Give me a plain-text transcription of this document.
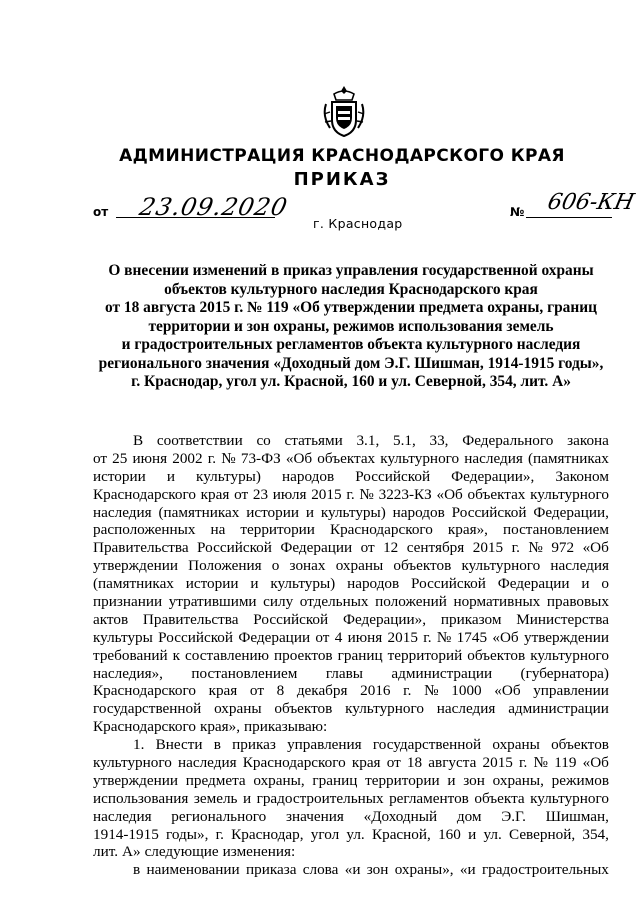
АДМИНИСТРАЦИЯ КРАСНОДАРСКОГО КРАЯ
ПРИКАЗ
от 23.09.2020
г. Краснодар
№ 606-КН
О внесении изменений в приказ управления государственной охраны
объектов культурного наследия Краснодарского края
от 18 августа 2015 г. № 119 «Об утверждении предмета охраны, границ
территории и зон охраны, режимов использования земель
и градостроительных регламентов объекта культурного наследия
регионального значения «Доходный дом Э.Г. Шишман, 1914-1915 годы»,
г. Краснодар, угол ул. Красной, 160 и ул. Северной, 354, лит. А»
В соответствии со статьями 3.1, 5.1, 33, Федерального закона
от 25 июня 2002 г. № 73-ФЗ «Об объектах культурного наследия (памятниках
истории и культуры) народов Российской Федерации», Законом
Краснодарского края от 23 июля 2015 г. № 3223-КЗ «Об объектах культурного
наследия (памятниках истории и культуры) народов Российской Федерации,
расположенных на территории Краснодарского края», постановлением
Правительства Российской Федерации от 12 сентября 2015 г. № 972 «Об
утверждении Положения о зонах охраны объектов культурного наследия
(памятниках истории и культуры) народов Российской Федерации и о
признании утратившими силу отдельных положений нормативных правовых
актов Правительства Российской Федерации», приказом Министерства
культуры Российской Федерации от 4 июня 2015 г. № 1745 «Об утверждении
требований к составлению проектов границ территорий объектов культурного
наследия», постановлением главы администрации (губернатора)
Краснодарского края от 8 декабря 2016 г. № 1000 «Об управлении
государственной охраны объектов культурного наследия администрации
Краснодарского края», приказываю:
1. Внести в приказ управления государственной охраны объектов
культурного наследия Краснодарского края от 18 августа 2015 г. № 119 «Об
утверждении предмета охраны, границ территории и зон охраны, режимов
использования земель и градостроительных регламентов объекта культурного
наследия регионального значения «Доходный дом Э.Г. Шишман,
1914-1915 годы», г. Краснодар, угол ул. Красной, 160 и ул. Северной, 354,
лит. А» следующие изменения:
в наименовании приказа слова «и зон охраны», «и градостроительных
